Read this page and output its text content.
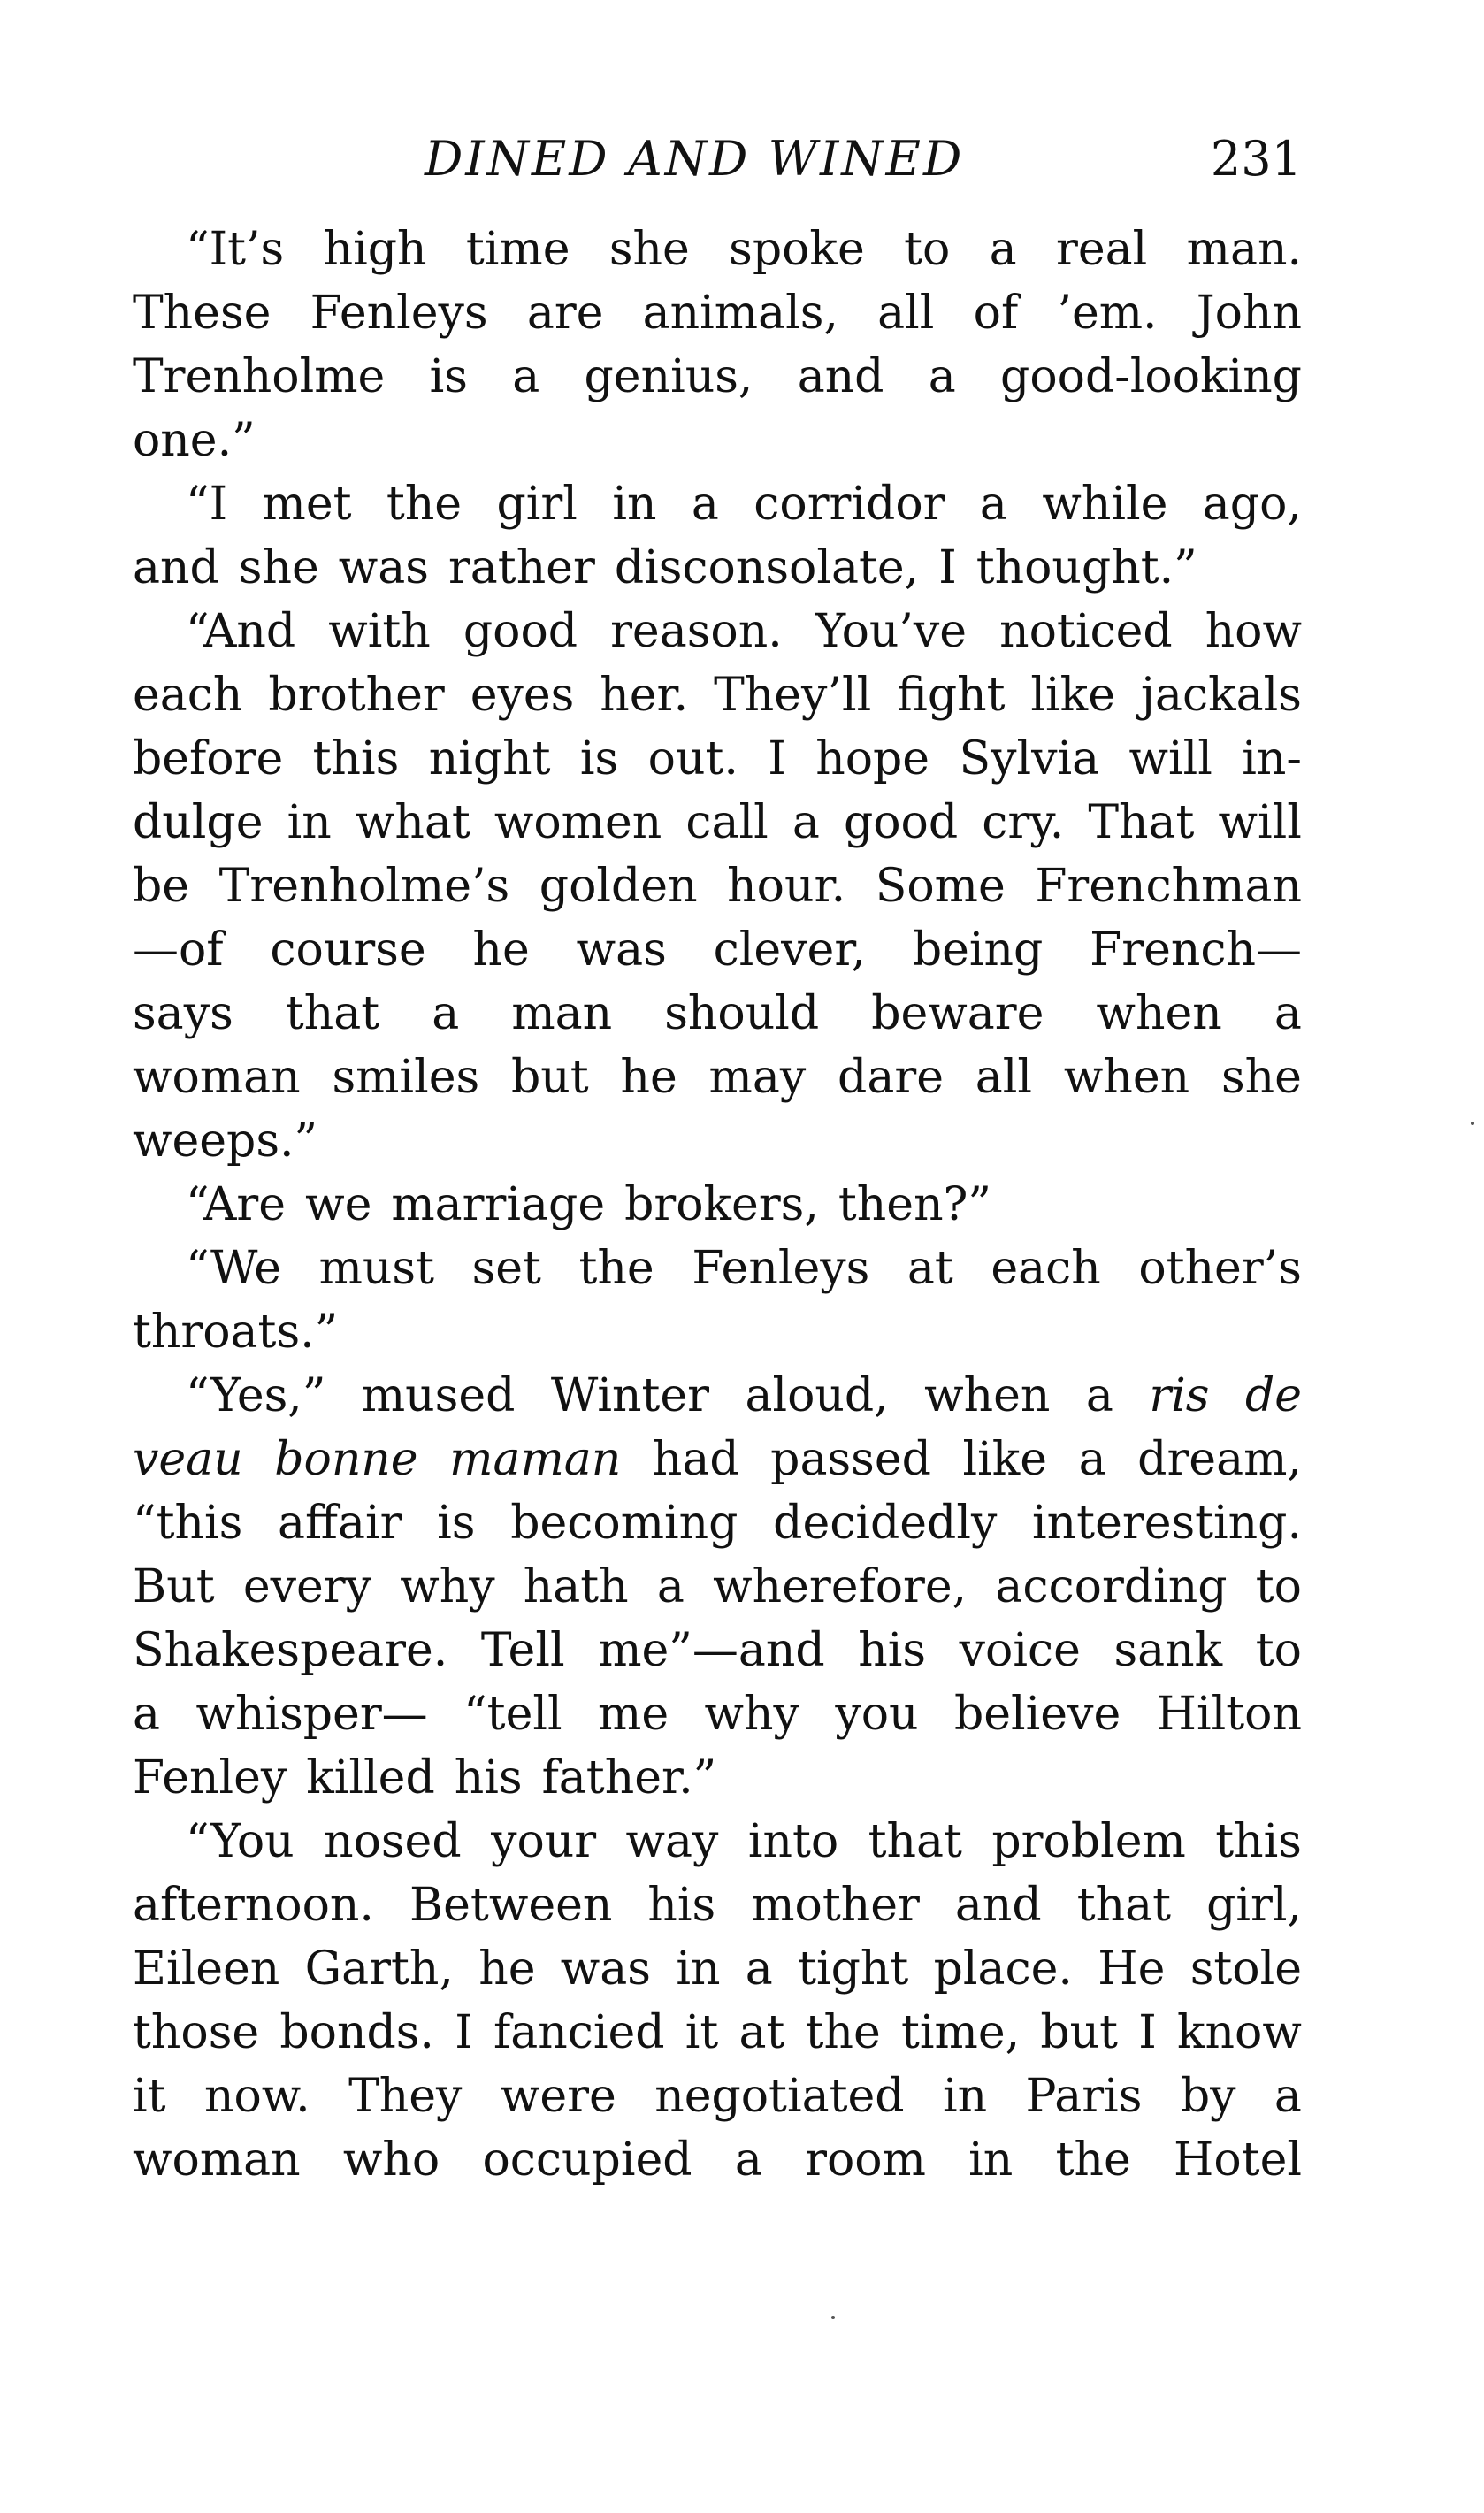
DINED AND WINED	231
“It’s high time she spoke to a real man.
These Fenleys are animals, all of ’em. John
Trenholme is a genius, and a good-looking
one.”
“I met the girl in a corridor a while ago,
and she was rather disconsolate, I thought.”
“And with good reason. You’ve noticed how
each brother eyes her. They’ll fight like jackals
before this night is out. I hope Sylvia will in-
dulge in what women call a good cry. That will
be Trenholme’s golden hour. Some Frenchman
—of course he was clever, being French—
says that a man should beware when a
woman smiles but he may dare all when she
weeps.”
“Are we marriage brokers, then?”
“We must set the Fenleys at each other’s
throats.”
“Yes,” mused Winter aloud, when a ris de
veau bonne maman had passed like a dream,
“this affair is becoming decidedly interesting.
But every why hath a wherefore, according to
Shakespeare. Tell me”—and his voice sank to
a whisper— “tell me why you believe Hilton
Fenley killed his father.”
“You nosed your way into that problem this
afternoon. Between his mother and that girl,
Eileen Garth, he was in a tight place. He stole
those bonds. I fancied it at the time, but I know
it now. They were negotiated in Paris by a
woman who occupied a room in the Hotel
